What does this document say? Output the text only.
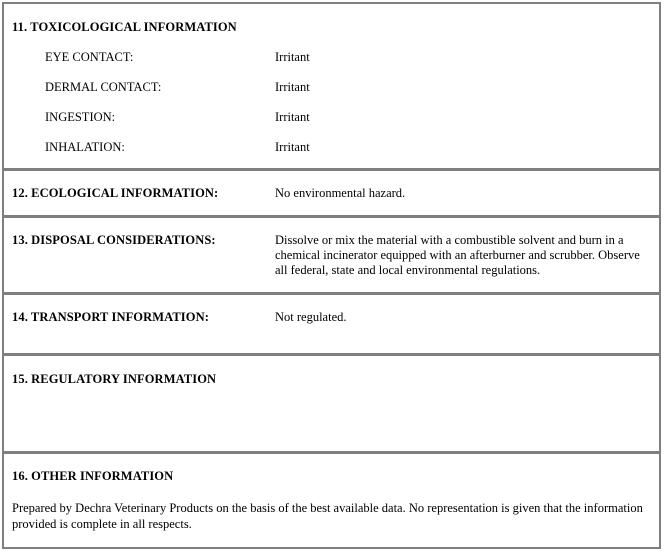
11. TOXICOLOGICAL INFORMATION
EYE CONTACT:	Irritant
DERMAL CONTACT:	Irritant
INGESTION:	Irritant
INHALATION:	Irritant
12. ECOLOGICAL INFORMATION:	No environmental hazard.
13. DISPOSAL CONSIDERATIONS:	Dissolve or mix the material with a combustible solvent and burn in a chemical incinerator equipped with an afterburner and scrubber. Observe all federal, state and local environmental regulations.
14. TRANSPORT INFORMATION:	Not regulated.
15. REGULATORY INFORMATION
16. OTHER INFORMATION
Prepared by Dechra Veterinary Products on the basis of the best available data. No representation is given that the information provided is complete in all respects.
